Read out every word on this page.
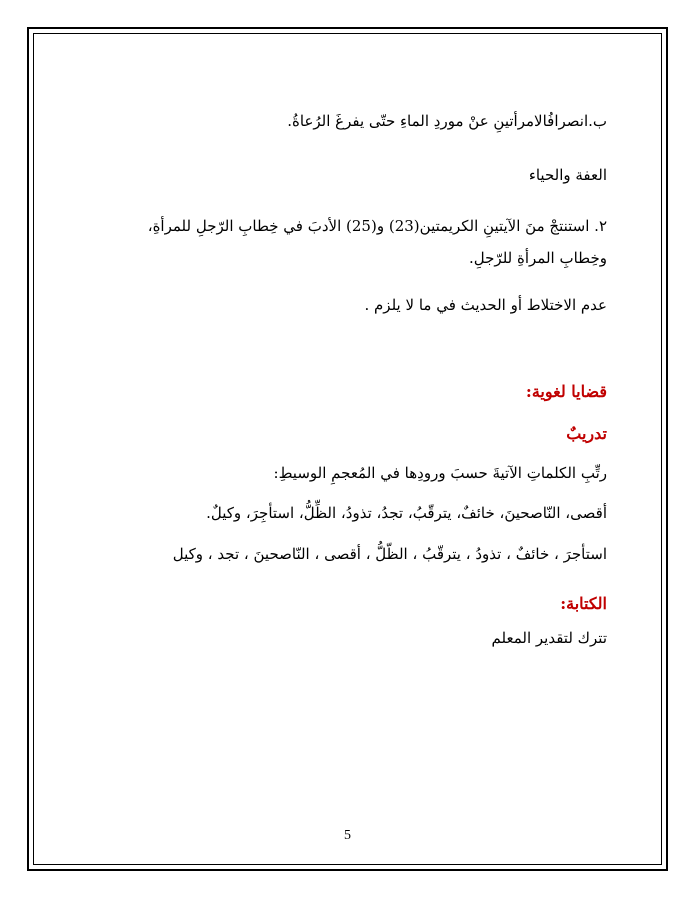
ب.انصرافُالامرأتينِ عنْ موردِ الماءِ حتّى يفرغَ الرُعاةُ.
العفة والحياء
٢. استنتجْ منَ الآيتينِ الكريمتين(23) و(25) الأدبَ في خِطابِ الرّجلِ للمرأةِ، وخِطابِ المرأةِ للرّجلِ.
عدم الاختلاط أو الحديث في ما لا يلزم .
قضايا لغوية:
تدريبٌ
رتِّبِ الكلماتِ الآتيةَ حسبَ ورودِها في المُعجمِ الوسيطِ:
أقصى، النّاصحينَ، خائفٌ، يترقّبُ، تجدُ، تذودُ، الظِّلُّ، استأجِرَ، وكيلٌ.
استأجرَ ، خائفٌ ، تذودُ ، يترقّبُ ، الظّلُّ ، أقصى ، النّاصحينَ ، تجد ، وكيل
الكتابة:
تترك لتقدير المعلم
5
